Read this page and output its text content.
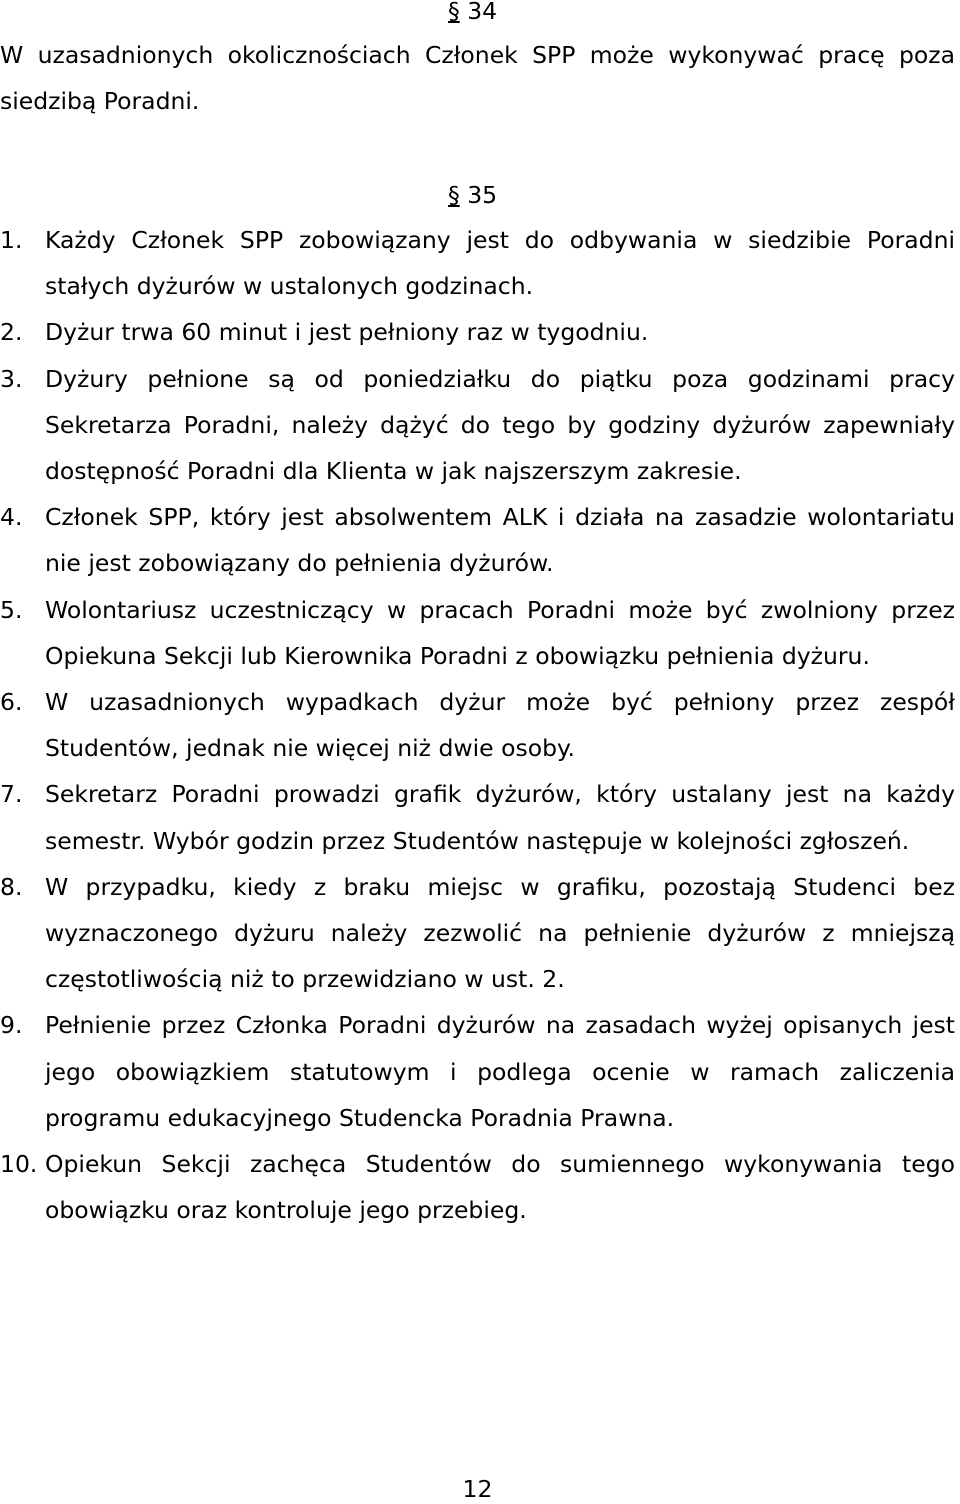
§ 34

W uzasadnionych okolicznościach Członek SPP może wykonywać pracę poza siedzibą Poradni.

§ 35
1. Każdy Członek SPP zobowiązany jest do odbywania w siedzibie Poradni stałych dyżurów w ustalonych godzinach.
2. Dyżur trwa 60 minut i jest pełniony raz w tygodniu.
3. Dyżury pełnione są od poniedziałku do piątku poza godzinami pracy Sekretarza Poradni, należy dążyć do tego by godziny dyżurów zapewniały dostępność Poradni dla Klienta w jak najszerszym zakresie.
4. Członek SPP, który jest absolwentem ALK i działa na zasadzie wolontariatu nie jest zobowiązany do pełnienia dyżurów.
5. Wolontariusz uczestniczący w pracach Poradni może być zwolniony przez Opiekuna Sekcji lub Kierownika Poradni z obowiązku pełnienia dyżuru.
6. W uzasadnionych wypadkach dyżur może być pełniony przez zespół Studentów, jednak nie więcej niż dwie osoby.
7. Sekretarz Poradni prowadzi grafik dyżurów, który ustalany jest na każdy semestr. Wybór godzin przez Studentów następuje w kolejności zgłoszeń.
8. W przypadku, kiedy z braku miejsc w grafiku, pozostają Studenci bez wyznaczonego dyżuru należy zezwolić na pełnienie dyżurów z mniejszą częstotliwością niż to przewidziano w ust. 2.
9. Pełnienie przez Członka Poradni dyżurów na zasadach wyżej opisanych jest jego obowiązkiem statutowym i podlega ocenie w ramach zaliczenia programu edukacyjnego Studencka Poradnia Prawna.
10. Opiekun Sekcji zachęca Studentów do sumiennego wykonywania tego obowiązku oraz kontroluje jego przebieg.
12
